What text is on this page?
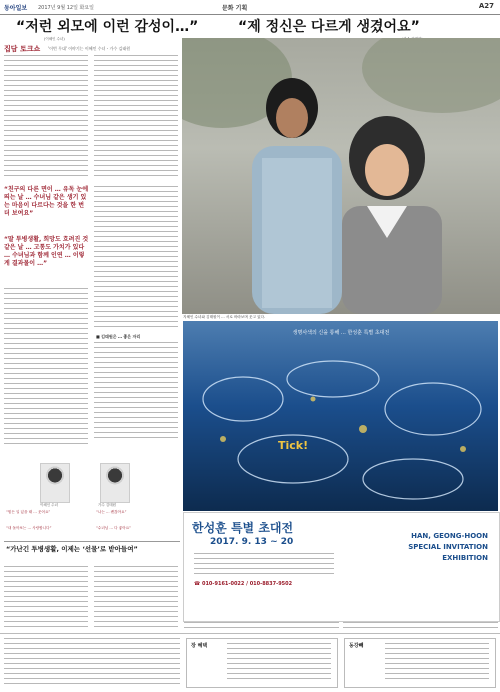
동아일보 2017년 9월 12일 화요일	문화 기획	A27
“저런 외모에 이런 감성이…”	“제 정신은 다르게 생겼어요”
(이혜인 수녀)
집담 토크쇼 '이번 무대' 이야기는 이혜인 수녀 - 가수 김태원
“친구의 다른 면이 … 유독 눈에 띄는 날 … 수녀님 같은 생기 있는 마음이 다르다는 것을 한 번 더 보여요”
“딸 투병생활, 희망도 흐려진 것 같은 날 … 고통도 가치가 있다 … 수녀님과 함께 인연 … 이렇게 결과물이 …”
■ 김태원은 … 좋은 자리
이혜인 수녀	가수 김태원
“힘든 일 있을 때 … 웃어요”	“나는 … 괜찮아요”
“내 돌아보는 … 사랑합니다”	“수녀님 … 다 좋아요”
“가난긴 투병생활, 이제는 ‘선물’로 받아들여”
지혜인 수녀와 김태원이 … 서로 바라보며 웃고 있다.
생명사색의 신을 통해 … 한성훈 특별 초대전
Tick!
한성훈 특별 초대전
2017. 9. 13 ~ 20
☎ 010-9161-0022 / 010-8837-9502
HAN, GEONG-HOON
SPECIAL INVITATION
EXHIBITION
장 혜택	동강빼
